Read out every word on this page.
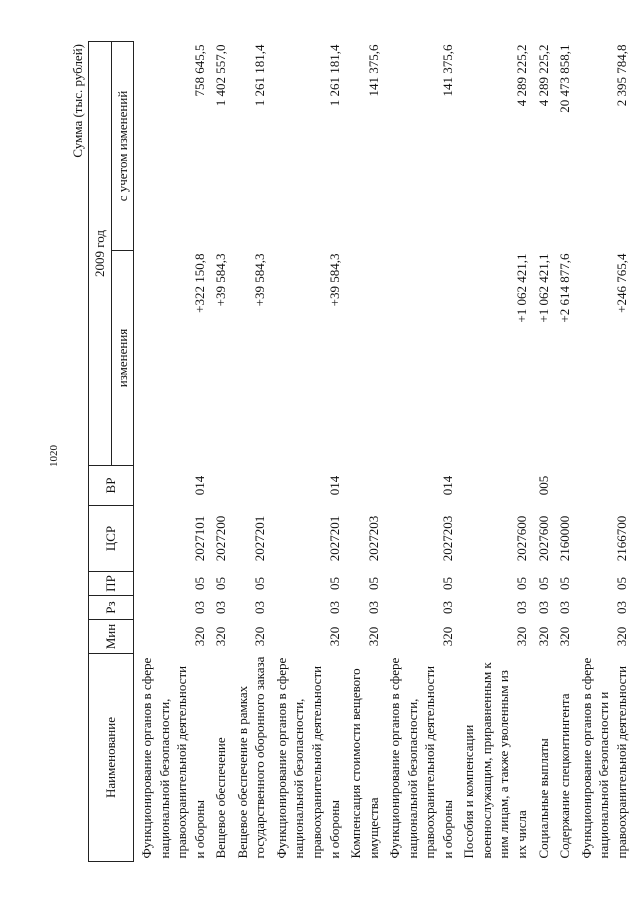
1020
Сумма (тыс. рублей)
Наименование	Мин	Рз	ПР	ЦСР	ВР	2009 год	
						изменения	с учетом изменений
Функционирование органов в сфере национальной безопасности, правоохранительной деятельности и обороны	320	03	05	2027101	014	+322 150,8	758 645,5
Вещевое обеспечение	320	03	05	2027200		+39 584,3	1 402 557,0
Вещевое обеспечение в рамках государственного оборонного заказа	320	03	05	2027201		+39 584,3	1 261 181,4
Функционирование органов в сфере национальной безопасности, правоохранительной деятельности и обороны	320	03	05	2027201	014	+39 584,3	1 261 181,4
Компенсация стоимости вещевого имущества	320	03	05	2027203			141 375,6
Функционирование органов в сфере национальной безопасности, правоохранительной деятельности и обороны	320	03	05	2027203	014		141 375,6
Пособия и компенсации военнослужащим, приравненным к ним лицам, а также уволенным из их числа	320	03	05	2027600		+1 062 421,1	4 289 225,2
Социальные выплаты	320	03	05	2027600	005	+1 062 421,1	4 289 225,2
Содержание спецконтингента	320	03	05	2160000		+2 614 877,6	20 473 858,1
Функционирование органов в сфере национальной безопасности и правоохранительной деятельности	320	03	05	2166700		+246 765,4	2 395 784,8
